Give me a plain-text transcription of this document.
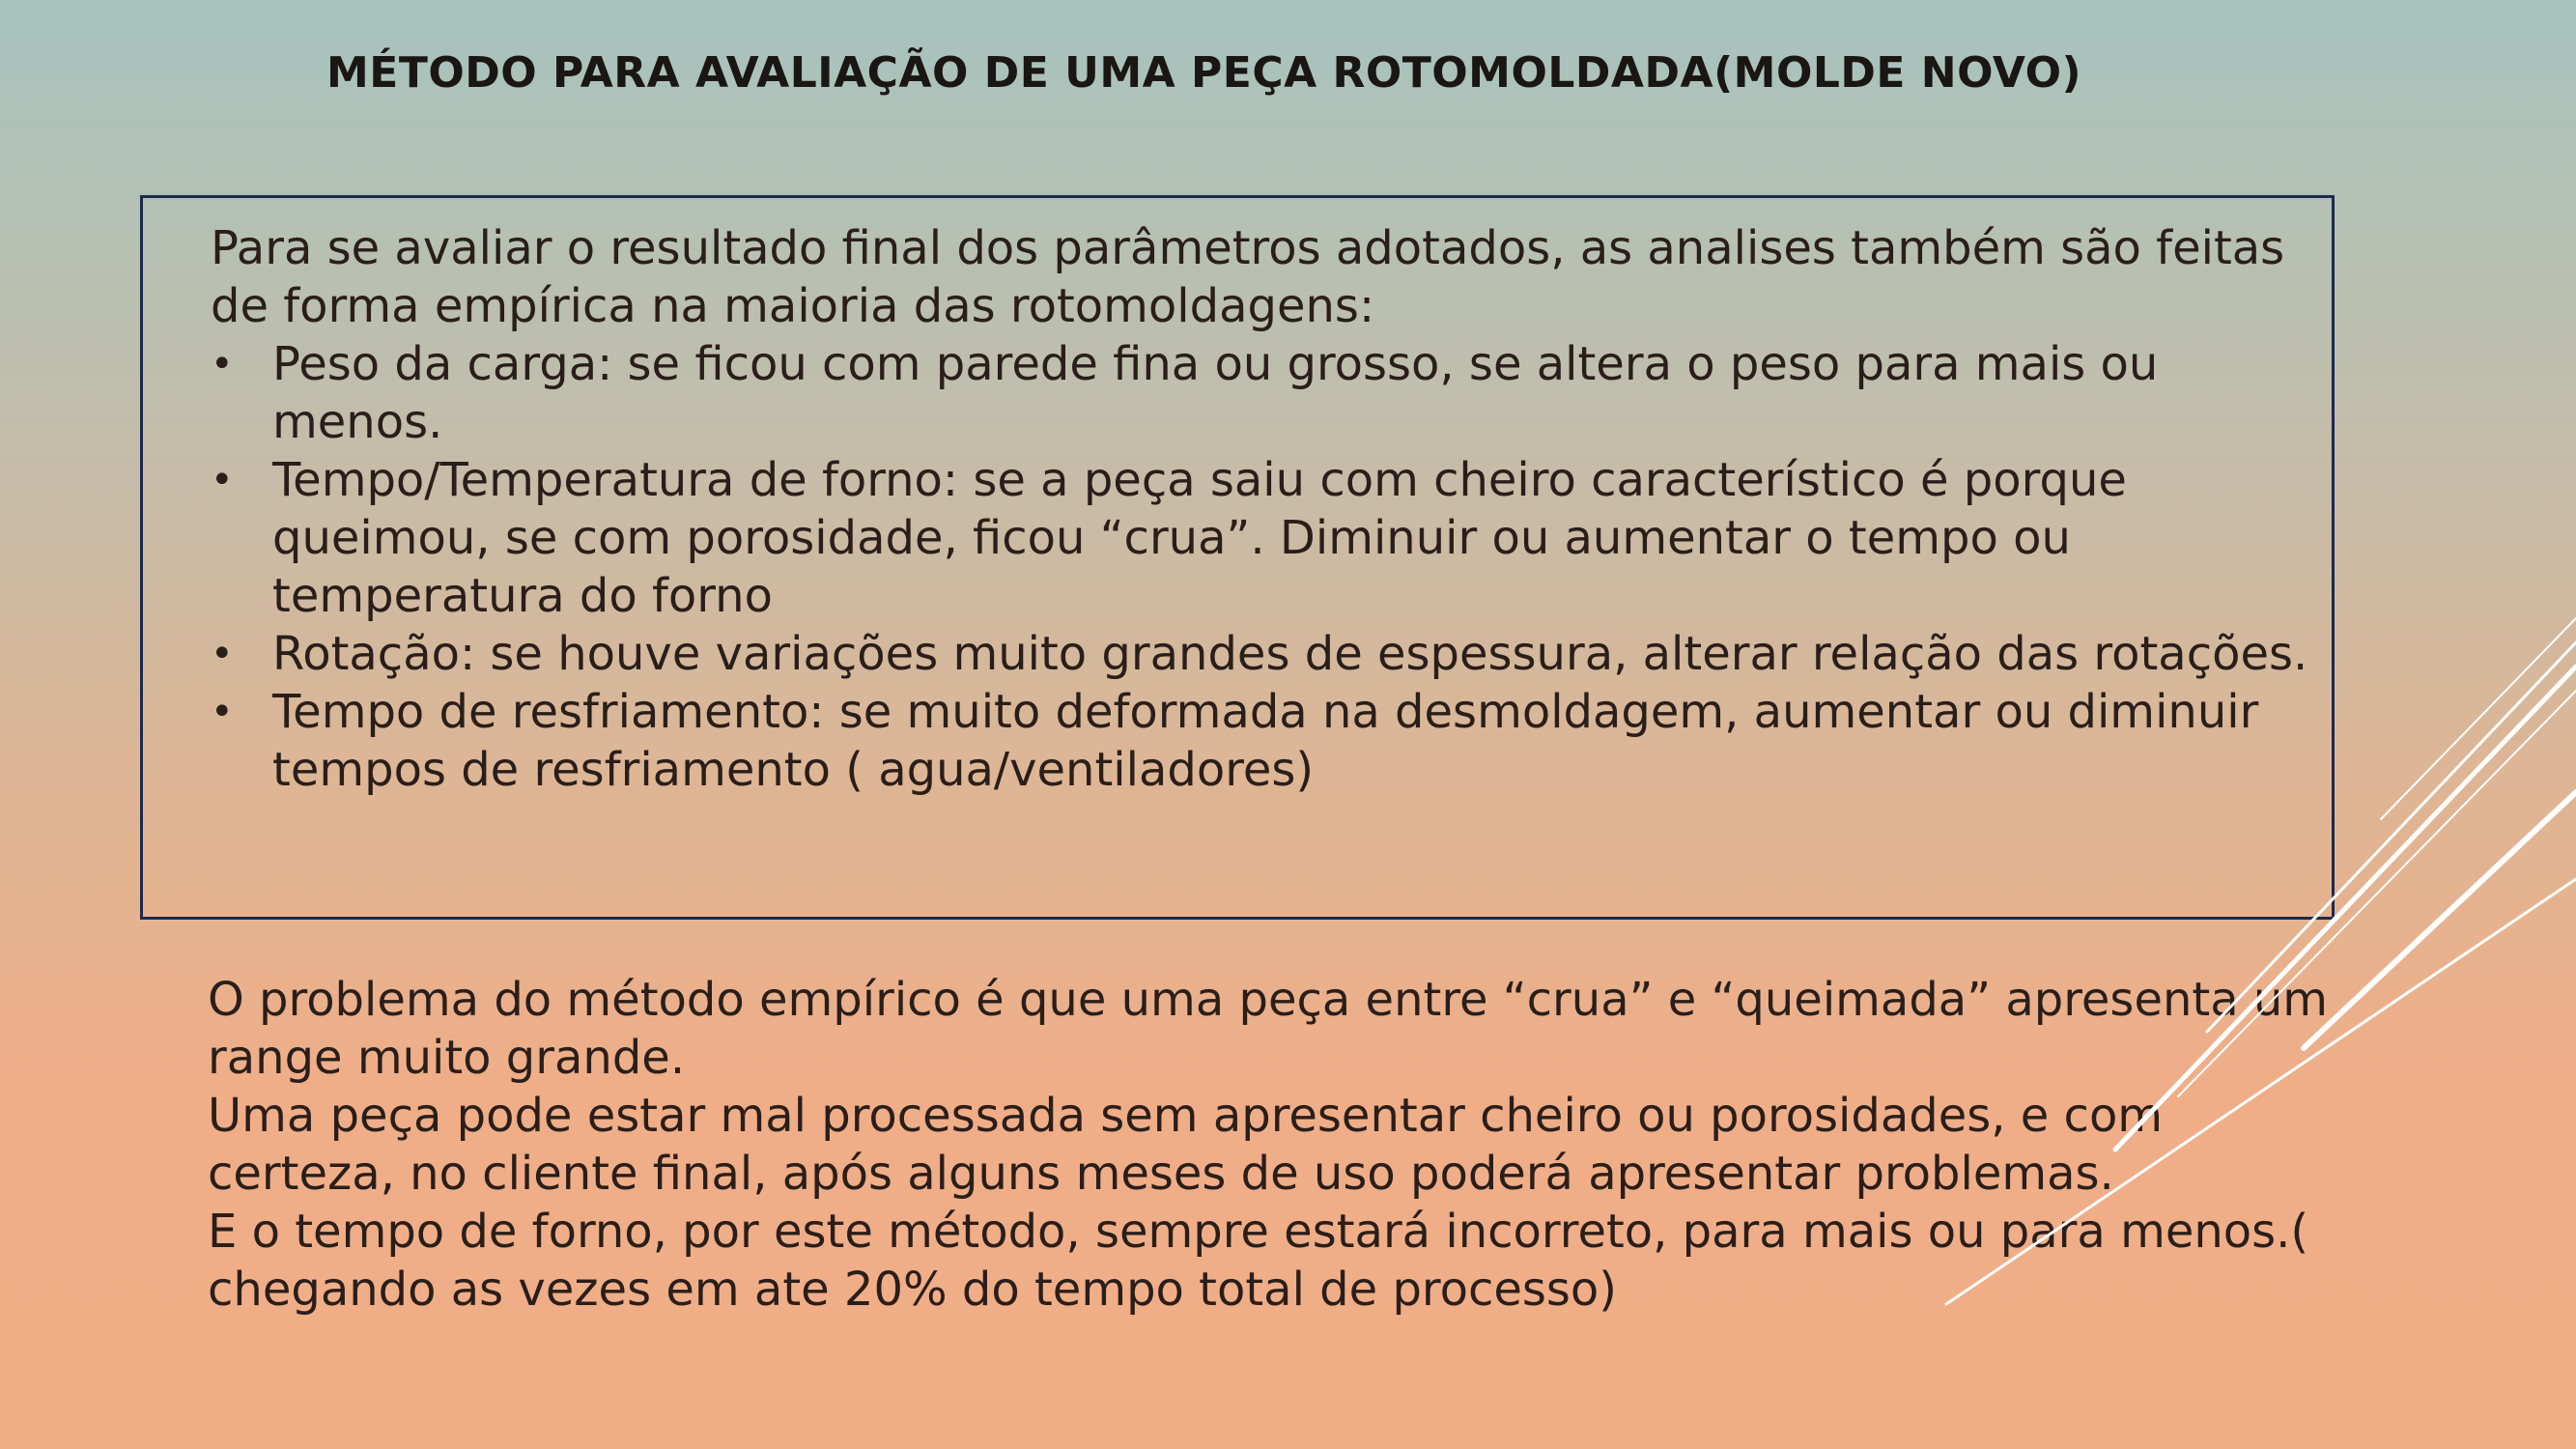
MÉTODO PARA AVALIAÇÃO DE UMA PEÇA ROTOMOLDADA(MOLDE NOVO)

Para se avaliar o resultado final dos parâmetros adotados, as analises também são feitas de forma empírica na maioria das rotomoldagens:

• Peso da carga: se ficou com parede fina ou grosso, se altera o peso para mais ou menos.
• Tempo/Temperatura de forno: se a peça saiu com cheiro característico é porque queimou, se com porosidade, ficou “crua”. Diminuir ou aumentar o tempo ou temperatura do forno
• Rotação: se houve variações muito grandes de espessura, alterar relação das rotações.
• Tempo de resfriamento: se muito deformada na desmoldagem, aumentar ou diminuir tempos de resfriamento ( agua/ventiladores)

O problema do método empírico é que uma peça entre “crua” e “queimada” apresenta um range muito grande.

Uma peça pode estar mal processada sem apresentar cheiro ou porosidades, e com certeza, no cliente final, após alguns meses de uso poderá apresentar problemas.

E o tempo de forno, por este método, sempre estará incorreto, para mais ou para menos.( chegando as vezes em ate 20% do tempo total de processo)
